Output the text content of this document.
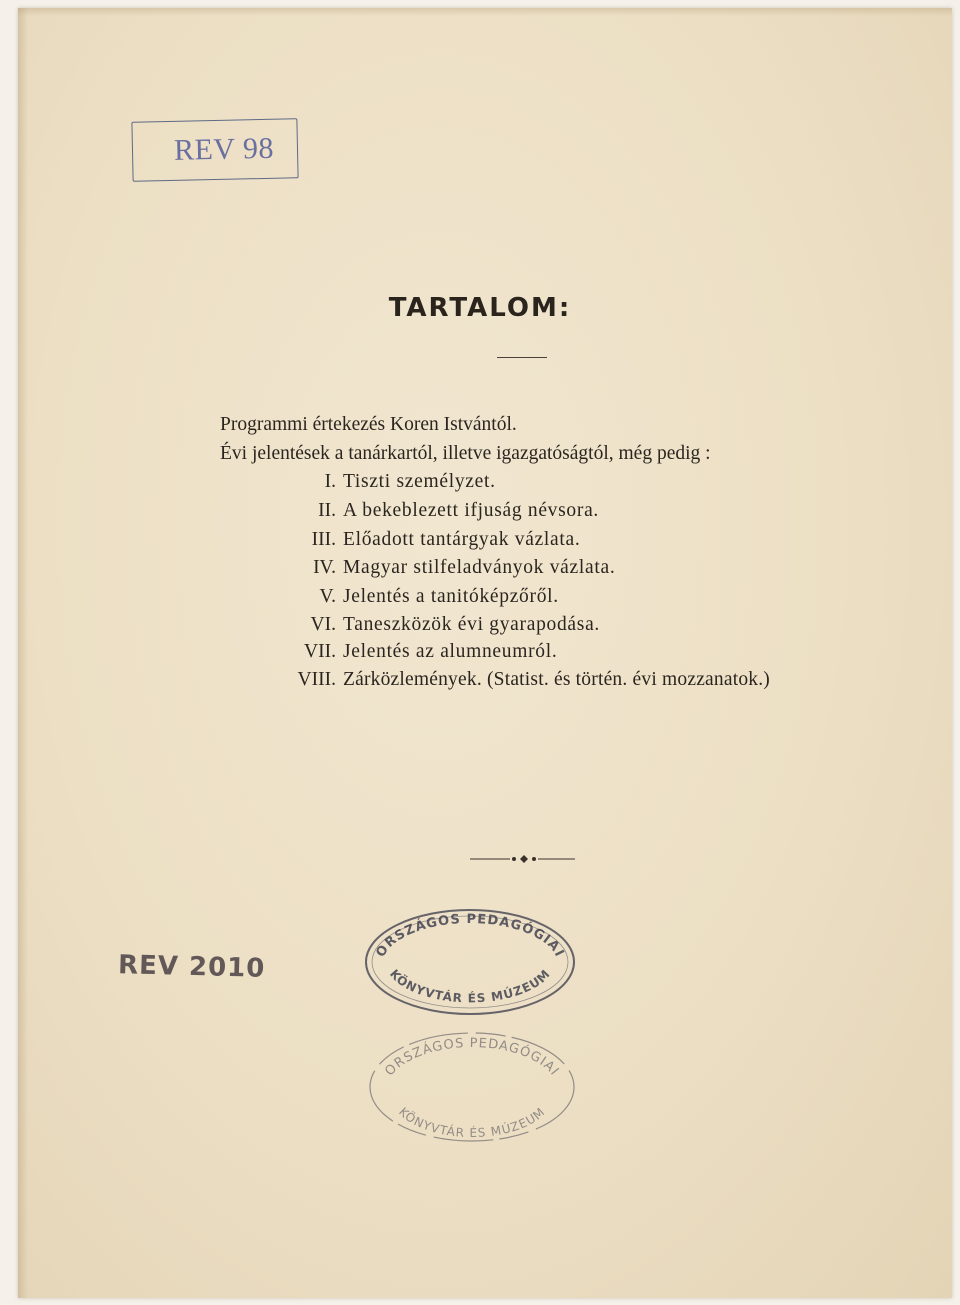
REV 98
TARTALOM:
Programmi értekezés Koren Istvántól.
Évi jelentések a tanárkartól, illetve igazgatóságtól, még pedig :
I. Tiszti személyzet.
II. A bekeblezett ifjuság névsora.
III. Előadott tantárgyak vázlata.
IV. Magyar stilfeladványok vázlata.
V. Jelentés a tanitóképzőről.
VI. Taneszközök évi gyarapodása.
VII. Jelentés az alumneumról.
VIII. Zárközlemények. (Statist. és történ. évi mozzanatok.)
REV 2010	ORSZÁGOS PEDAGÓGIAI
KÖNYVTÁR ÉS MÚZEUM
ORSZÁGOS PEDAGÓGIAI
KÖNYVTÁR ÉS MÚZEUM
